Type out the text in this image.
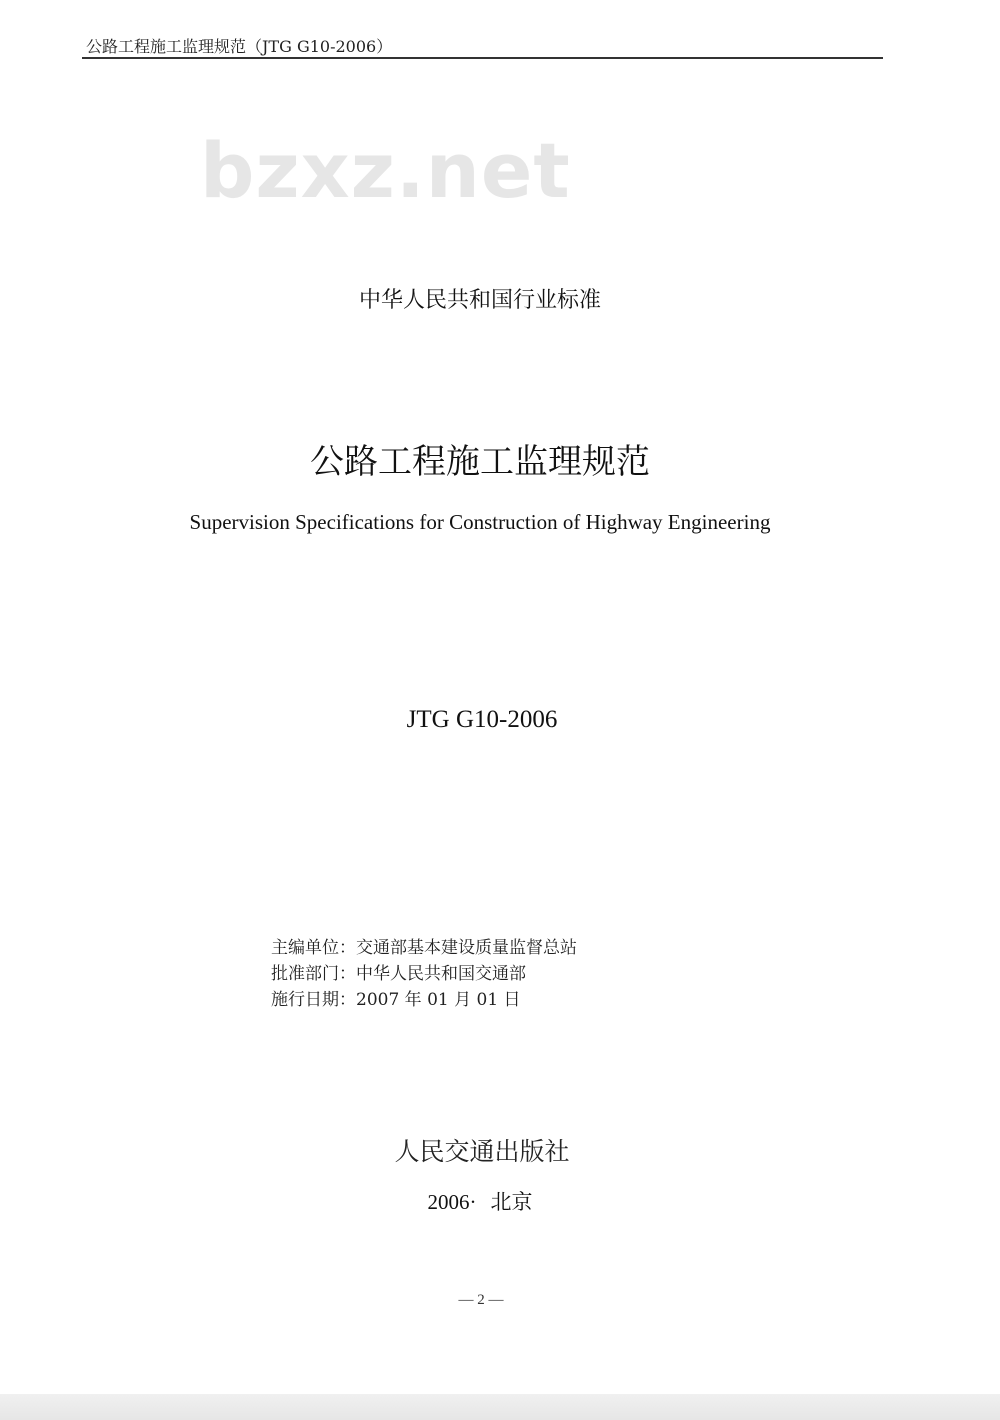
公路工程施工监理规范（JTG G10-2006）
bzxz.net
中华人民共和国行业标准
公路工程施工监理规范
Supervision Specifications for Construction of Highway Engineering
JTG G10-2006
主编单位：交通部基本建设质量监督总站
批准部门：中华人民共和国交通部
施行日期：2007 年 01 月 01 日
人民交通出版社
2006· 北京
— 2 —
